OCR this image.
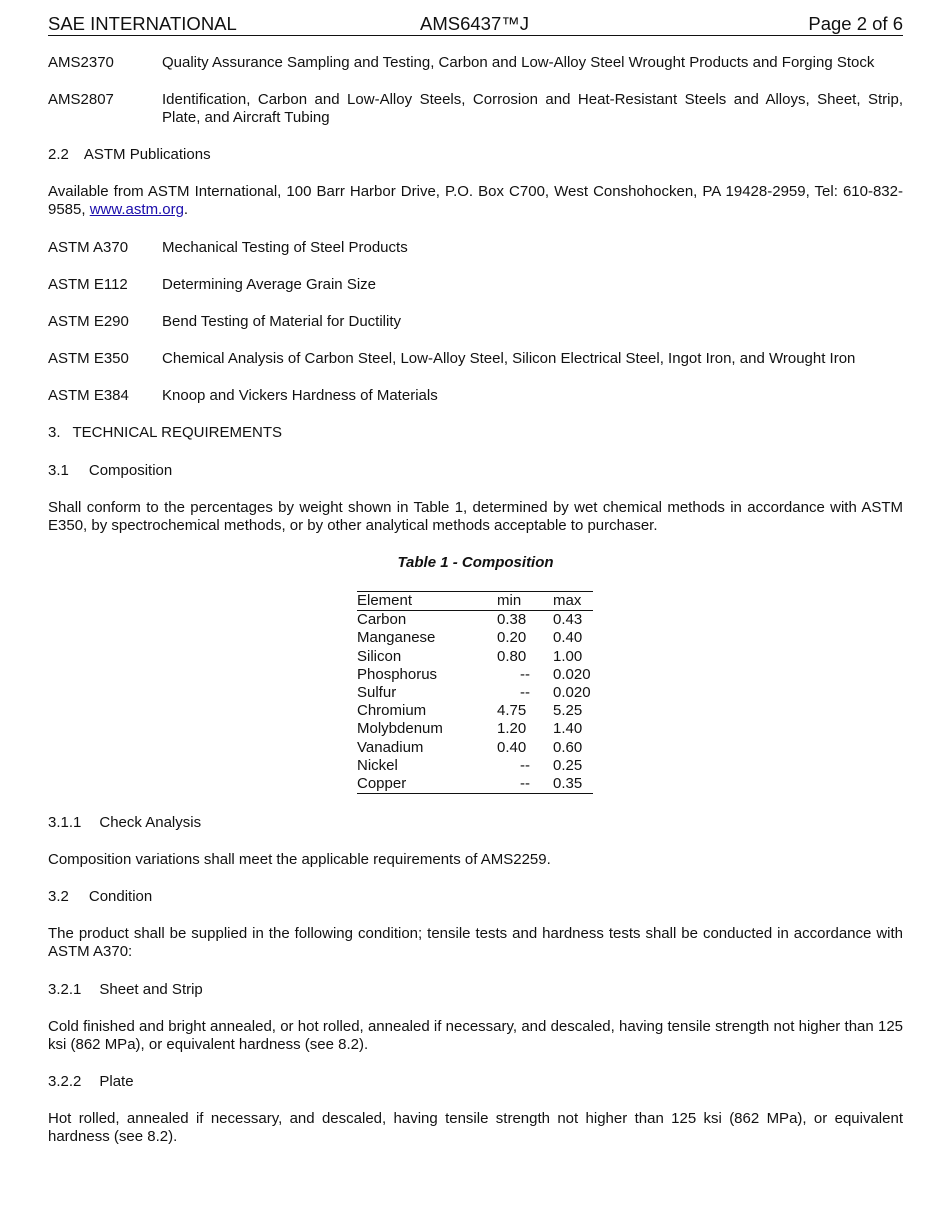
SAE INTERNATIONAL	AMS6437™J	Page 2 of 6
AMS2370	Quality Assurance Sampling and Testing, Carbon and Low-Alloy Steel Wrought Products and Forging Stock
AMS2807	Identification, Carbon and Low-Alloy Steels, Corrosion and Heat-Resistant Steels and Alloys, Sheet, Strip, Plate, and Aircraft Tubing
2.2 ASTM Publications
Available from ASTM International, 100 Barr Harbor Drive, P.O. Box C700, West Conshohocken, PA 19428-2959, Tel: 610-832-9585, www.astm.org.
ASTM A370 Mechanical Testing of Steel Products
ASTM E112 Determining Average Grain Size
ASTM E290 Bend Testing of Material for Ductility
ASTM E350 Chemical Analysis of Carbon Steel, Low-Alloy Steel, Silicon Electrical Steel, Ingot Iron, and Wrought Iron
ASTM E384 Knoop and Vickers Hardness of Materials
3. TECHNICAL REQUIREMENTS
3.1 Composition
Shall conform to the percentages by weight shown in Table 1, determined by wet chemical methods in accordance with ASTM E350, by spectrochemical methods, or by other analytical methods acceptable to purchaser.
Table 1 - Composition
Element	min	max
Carbon	0.38	0.43
Manganese	0.20	0.40
Silicon	0.80	1.00
Phosphorus	--	0.020
Sulfur	--	0.020
Chromium	4.75	5.25
Molybdenum	1.20	1.40
Vanadium	0.40	0.60
Nickel	--	0.25
Copper	--	0.35
3.1.1 Check Analysis
Composition variations shall meet the applicable requirements of AMS2259.
3.2 Condition
The product shall be supplied in the following condition; tensile tests and hardness tests shall be conducted in accordance with ASTM A370:
3.2.1 Sheet and Strip
Cold finished and bright annealed, or hot rolled, annealed if necessary, and descaled, having tensile strength not higher than 125 ksi (862 MPa), or equivalent hardness (see 8.2).
3.2.2 Plate
Hot rolled, annealed if necessary, and descaled, having tensile strength not higher than 125 ksi (862 MPa), or equivalent hardness (see 8.2).
